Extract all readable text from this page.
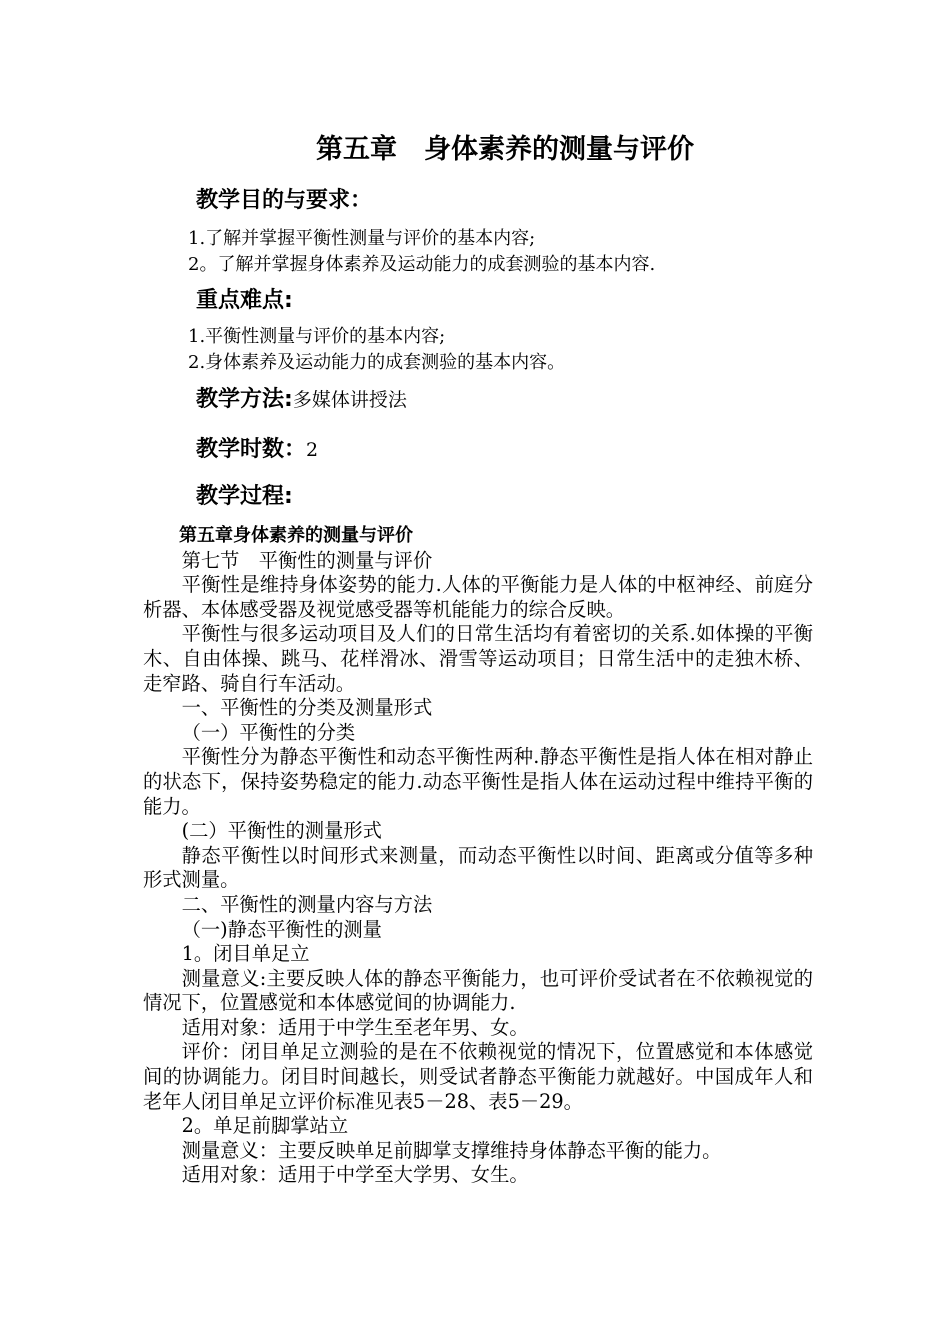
第五章　身体素养的测量与评价
教学目的与要求：
1.了解并掌握平衡性测量与评价的基本内容;
2。了解并掌握身体素养及运动能力的成套测验的基本内容.
重点难点:
1.平衡性测量与评价的基本内容;
2.身体素养及运动能力的成套测验的基本内容。
教学方法:多媒体讲授法
教学时数：2
教学过程:

第五章身体素养的测量与评价

第七节　平衡性的测量与评价

平衡性是维持身体姿势的能力.人体的平衡能力是人体的中枢神经、前庭分析器、本体感受器及视觉感受器等机能能力的综合反映。

平衡性与很多运动项目及人们的日常生活均有着密切的关系.如体操的平衡木、自由体操、跳马、花样滑冰、滑雪等运动项目；日常生活中的走独木桥、走窄路、骑自行车活动。

一、平衡性的分类及测量形式

（一）平衡性的分类

平衡性分为静态平衡性和动态平衡性两种.静态平衡性是指人体在相对静止的状态下，保持姿势稳定的能力.动态平衡性是指人体在运动过程中维持平衡的能力。

(二）平衡性的测量形式

静态平衡性以时间形式来测量，而动态平衡性以时间、距离或分值等多种形式测量。

二、平衡性的测量内容与方法

（一)静态平衡性的测量

1。闭目单足立

测量意义:主要反映人体的静态平衡能力，也可评价受试者在不依赖视觉的情况下，位置感觉和本体感觉间的协调能力.

适用对象：适用于中学生至老年男、女。

评价：闭目单足立测验的是在不依赖视觉的情况下，位置感觉和本体感觉间的协调能力。闭目时间越长，则受试者静态平衡能力就越好。中国成年人和老年人闭目单足立评价标准见表5－28、表5－29。

2。单足前脚掌站立

测量意义：主要反映单足前脚掌支撑维持身体静态平衡的能力。

适用对象：适用于中学至大学男、女生。
